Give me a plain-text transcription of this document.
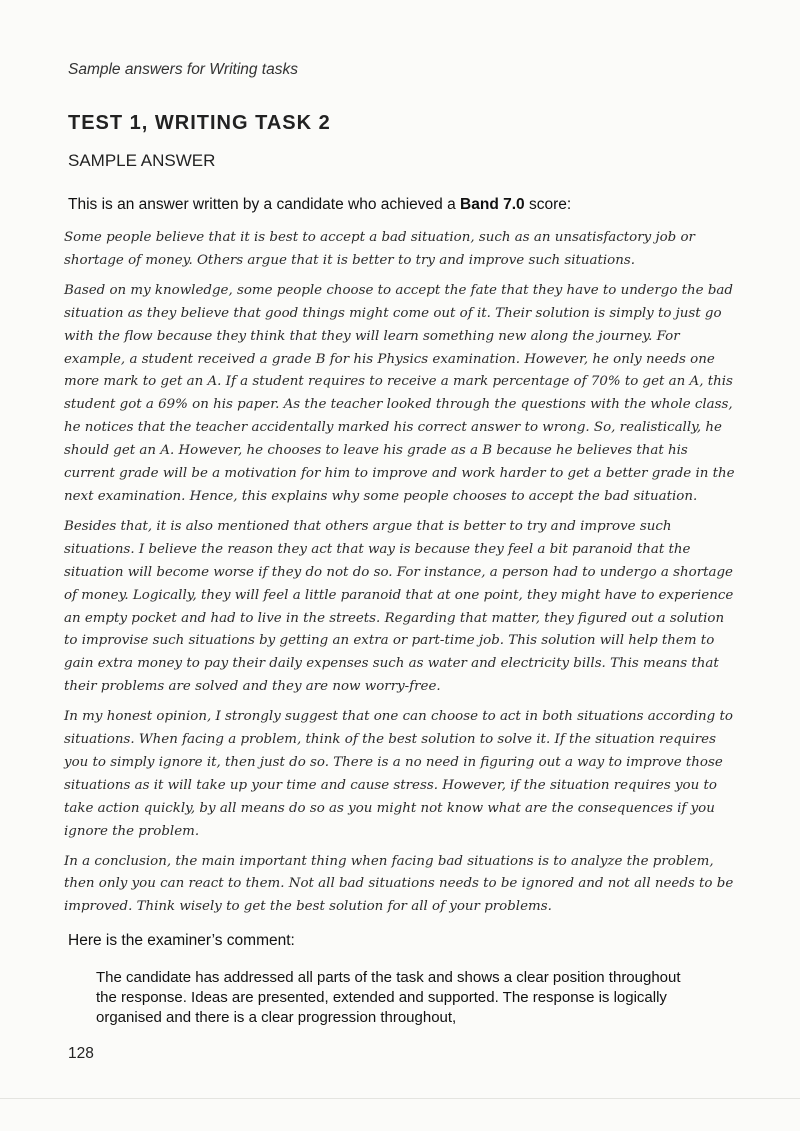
Sample answers for Writing tasks
TEST 1, WRITING TASK 2
SAMPLE ANSWER
This is an answer written by a candidate who achieved a Band 7.0 score:

Some people believe that it is best to accept a bad situation, such as an unsatisfactory job or shortage of money. Others argue that it is better to try and improve such situations.

Based on my knowledge, some people choose to accept the fate that they have to undergo the bad situation as they believe that good things might come out of it. Their solution is simply to just go with the flow because they think that they will learn something new along the journey. For example, a student received a grade B for his Physics examination. However, he only needs one more mark to get an A. If a student requires to receive a mark percentage of 70% to get an A, this student got a 69% on his paper. As the teacher looked through the questions with the whole class, he notices that the teacher accidentally marked his correct answer to wrong. So, realistically, he should get an A. However, he chooses to leave his grade as a B because he believes that his current grade will be a motivation for him to improve and work harder to get a better grade in the next examination. Hence, this explains why some people chooses to accept the bad situation.

Besides that, it is also mentioned that others argue that is better to try and improve such situations. I believe the reason they act that way is because they feel a bit paranoid that the situation will become worse if they do not do so. For instance, a person had to undergo a shortage of money. Logically, they will feel a little paranoid that at one point, they might have to experience an empty pocket and had to live in the streets. Regarding that matter, they figured out a solution to improvise such situations by getting an extra or part-time job. This solution will help them to gain extra money to pay their daily expenses such as water and electricity bills. This means that their problems are solved and they are now worry-free.

In my honest opinion, I strongly suggest that one can choose to act in both situations according to situations. When facing a problem, think of the best solution to solve it. If the situation requires you to simply ignore it, then just do so. There is a no need in figuring out a way to improve those situations as it will take up your time and cause stress. However, if the situation requires you to take action quickly, by all means do so as you might not know what are the consequences if you ignore the problem.

In a conclusion, the main important thing when facing bad situations is to analyze the problem, then only you can react to them. Not all bad situations needs to be ignored and not all needs to be improved. Think wisely to get the best solution for all of your problems.

Here is the examiner’s comment:
The candidate has addressed all parts of the task and shows a clear position throughout the response. Ideas are presented, extended and supported. The response is logically organised and there is a clear progression throughout,
128
